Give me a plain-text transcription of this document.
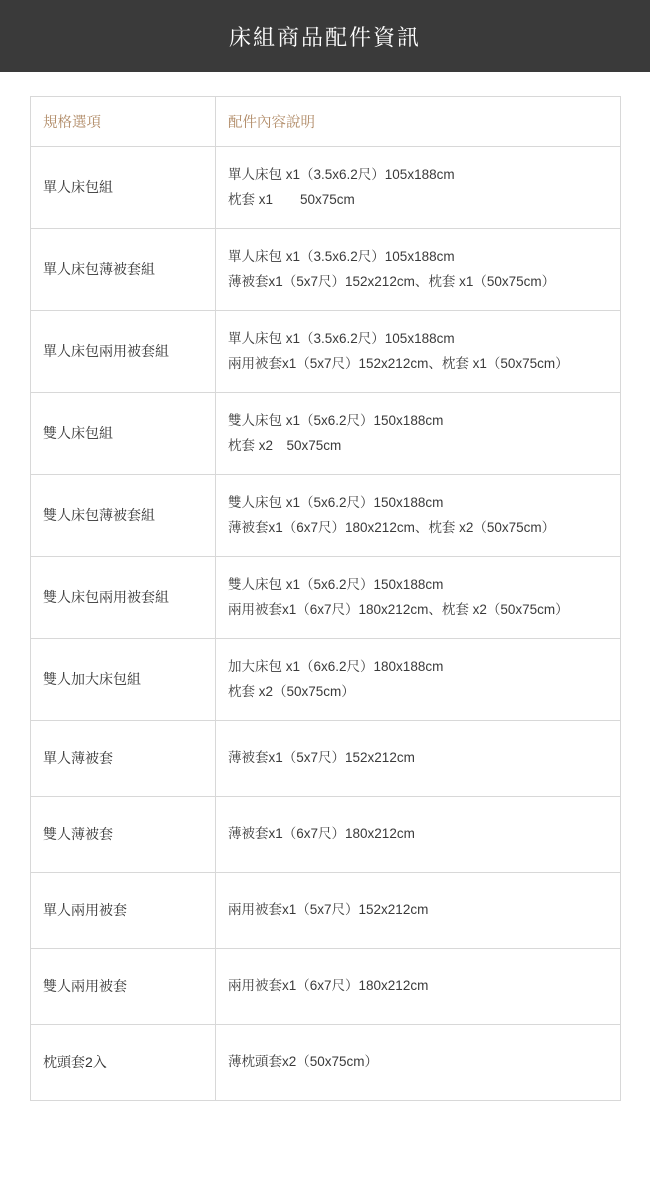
床組商品配件資訊
規格選項	配件內容說明
單人床包組	單人床包 x1（3.5x6.2尺）105x188cm
枕套 x1　　50x75cm

單人床包薄被套組	單人床包 x1（3.5x6.2尺）105x188cm
薄被套x1（5x7尺）152x212cm、枕套 x1（50x75cm）

單人床包兩用被套組	單人床包 x1（3.5x6.2尺）105x188cm
兩用被套x1（5x7尺）152x212cm、枕套 x1（50x75cm）

雙人床包組	雙人床包 x1（5x6.2尺）150x188cm
枕套 x2　50x75cm

雙人床包薄被套組	雙人床包 x1（5x6.2尺）150x188cm
薄被套x1（6x7尺）180x212cm、枕套 x2（50x75cm）

雙人床包兩用被套組	雙人床包 x1（5x6.2尺）150x188cm
兩用被套x1（6x7尺）180x212cm、枕套 x2（50x75cm）

雙人加大床包組	加大床包 x1（6x6.2尺）180x188cm
枕套 x2（50x75cm）

單人薄被套	薄被套x1（5x7尺）152x212cm

雙人薄被套	薄被套x1（6x7尺）180x212cm

單人兩用被套	兩用被套x1（5x7尺）152x212cm

雙人兩用被套	兩用被套x1（6x7尺）180x212cm

枕頭套2入	薄枕頭套x2（50x75cm）
